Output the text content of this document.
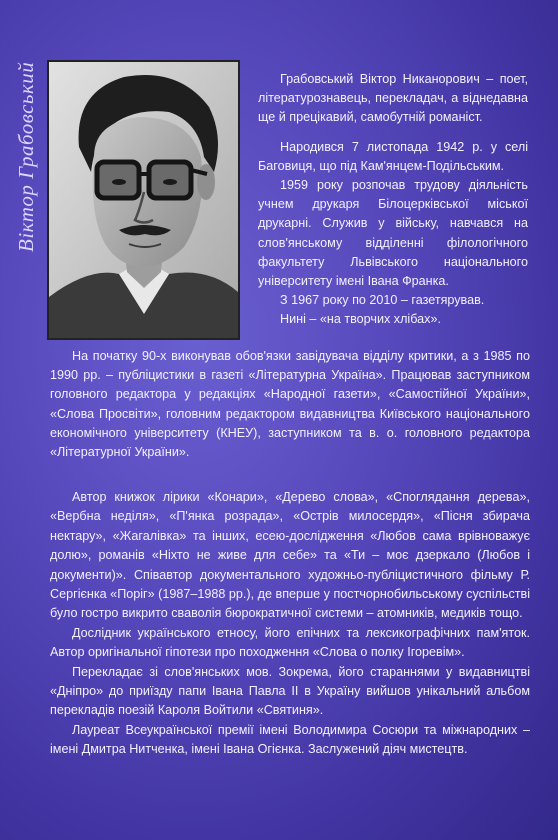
Віктор Грабовський	Грабовський Віктор Никанорович – поет, літературознавець, перекладач, а віднедавна ще й прецікавий, самобутній романіст.

Народився 7 листопада 1942 р. у селі Баговиця, що під Кам'янцем-Подільським.

1959 року розпочав трудову діяльність учнем друкаря Білоцерківської міської друкарні. Служив у війську, навчався на слов'янському відділенні філологічного факультету Львівського національного університету імені Івана Франка.

З 1967 року по 2010 – газетярував.

Нині – «на творчих хлібах».

На початку 90-х виконував обов'язки завідувача відділу критики, а з 1985 по 1990 рр. – публіцистики в газеті «Літературна Україна». Працював заступником головного редактора у редакціях «Народної газети», «Самостійної України», «Слова Просвіти», головним редактором видавництва Київського національного економічного університету (КНЕУ), заступником та в. о. головного редактора «Літературної України».

Автор книжок лірики «Конари», «Дерево слова», «Споглядання дерева», «Вербна неділя», «П'янка розрада», «Острів милосердя», «Пісня збирача нектару», «Жагалівка» та інших, есею-дослідження «Любов сама врівноважує долю», романів «Ніхто не живе для себе» та «Ти – моє дзеркало (Любов і документи)». Співавтор документального художньо-публіцистичного фільму Р. Сергієнка «Поріг» (1987–1988 рр.), де вперше у постчорнобильському суспільстві було гостро викрито сваволія бюрократичної системи – атомників, медиків тощо.

Дослідник українського етносу, його епічних та лексикографічних пам'яток. Автор оригінальної гіпотези про походження «Слова о полку Ігоревім».

Перекладає зі слов'янських мов. Зокрема, його стараннями у видавництві «Дніпро» до приїзду папи Івана Павла ІІ в Україну вийшов унікальний альбом перекладів поезій Кароля Войтили «Святиня».

Лауреат Всеукраїнської премії імені Володимира Сосюри та міжнародних – імені Дмитра Нитченка, імені Івана Огієнка. Заслужений діяч мистецтв.
